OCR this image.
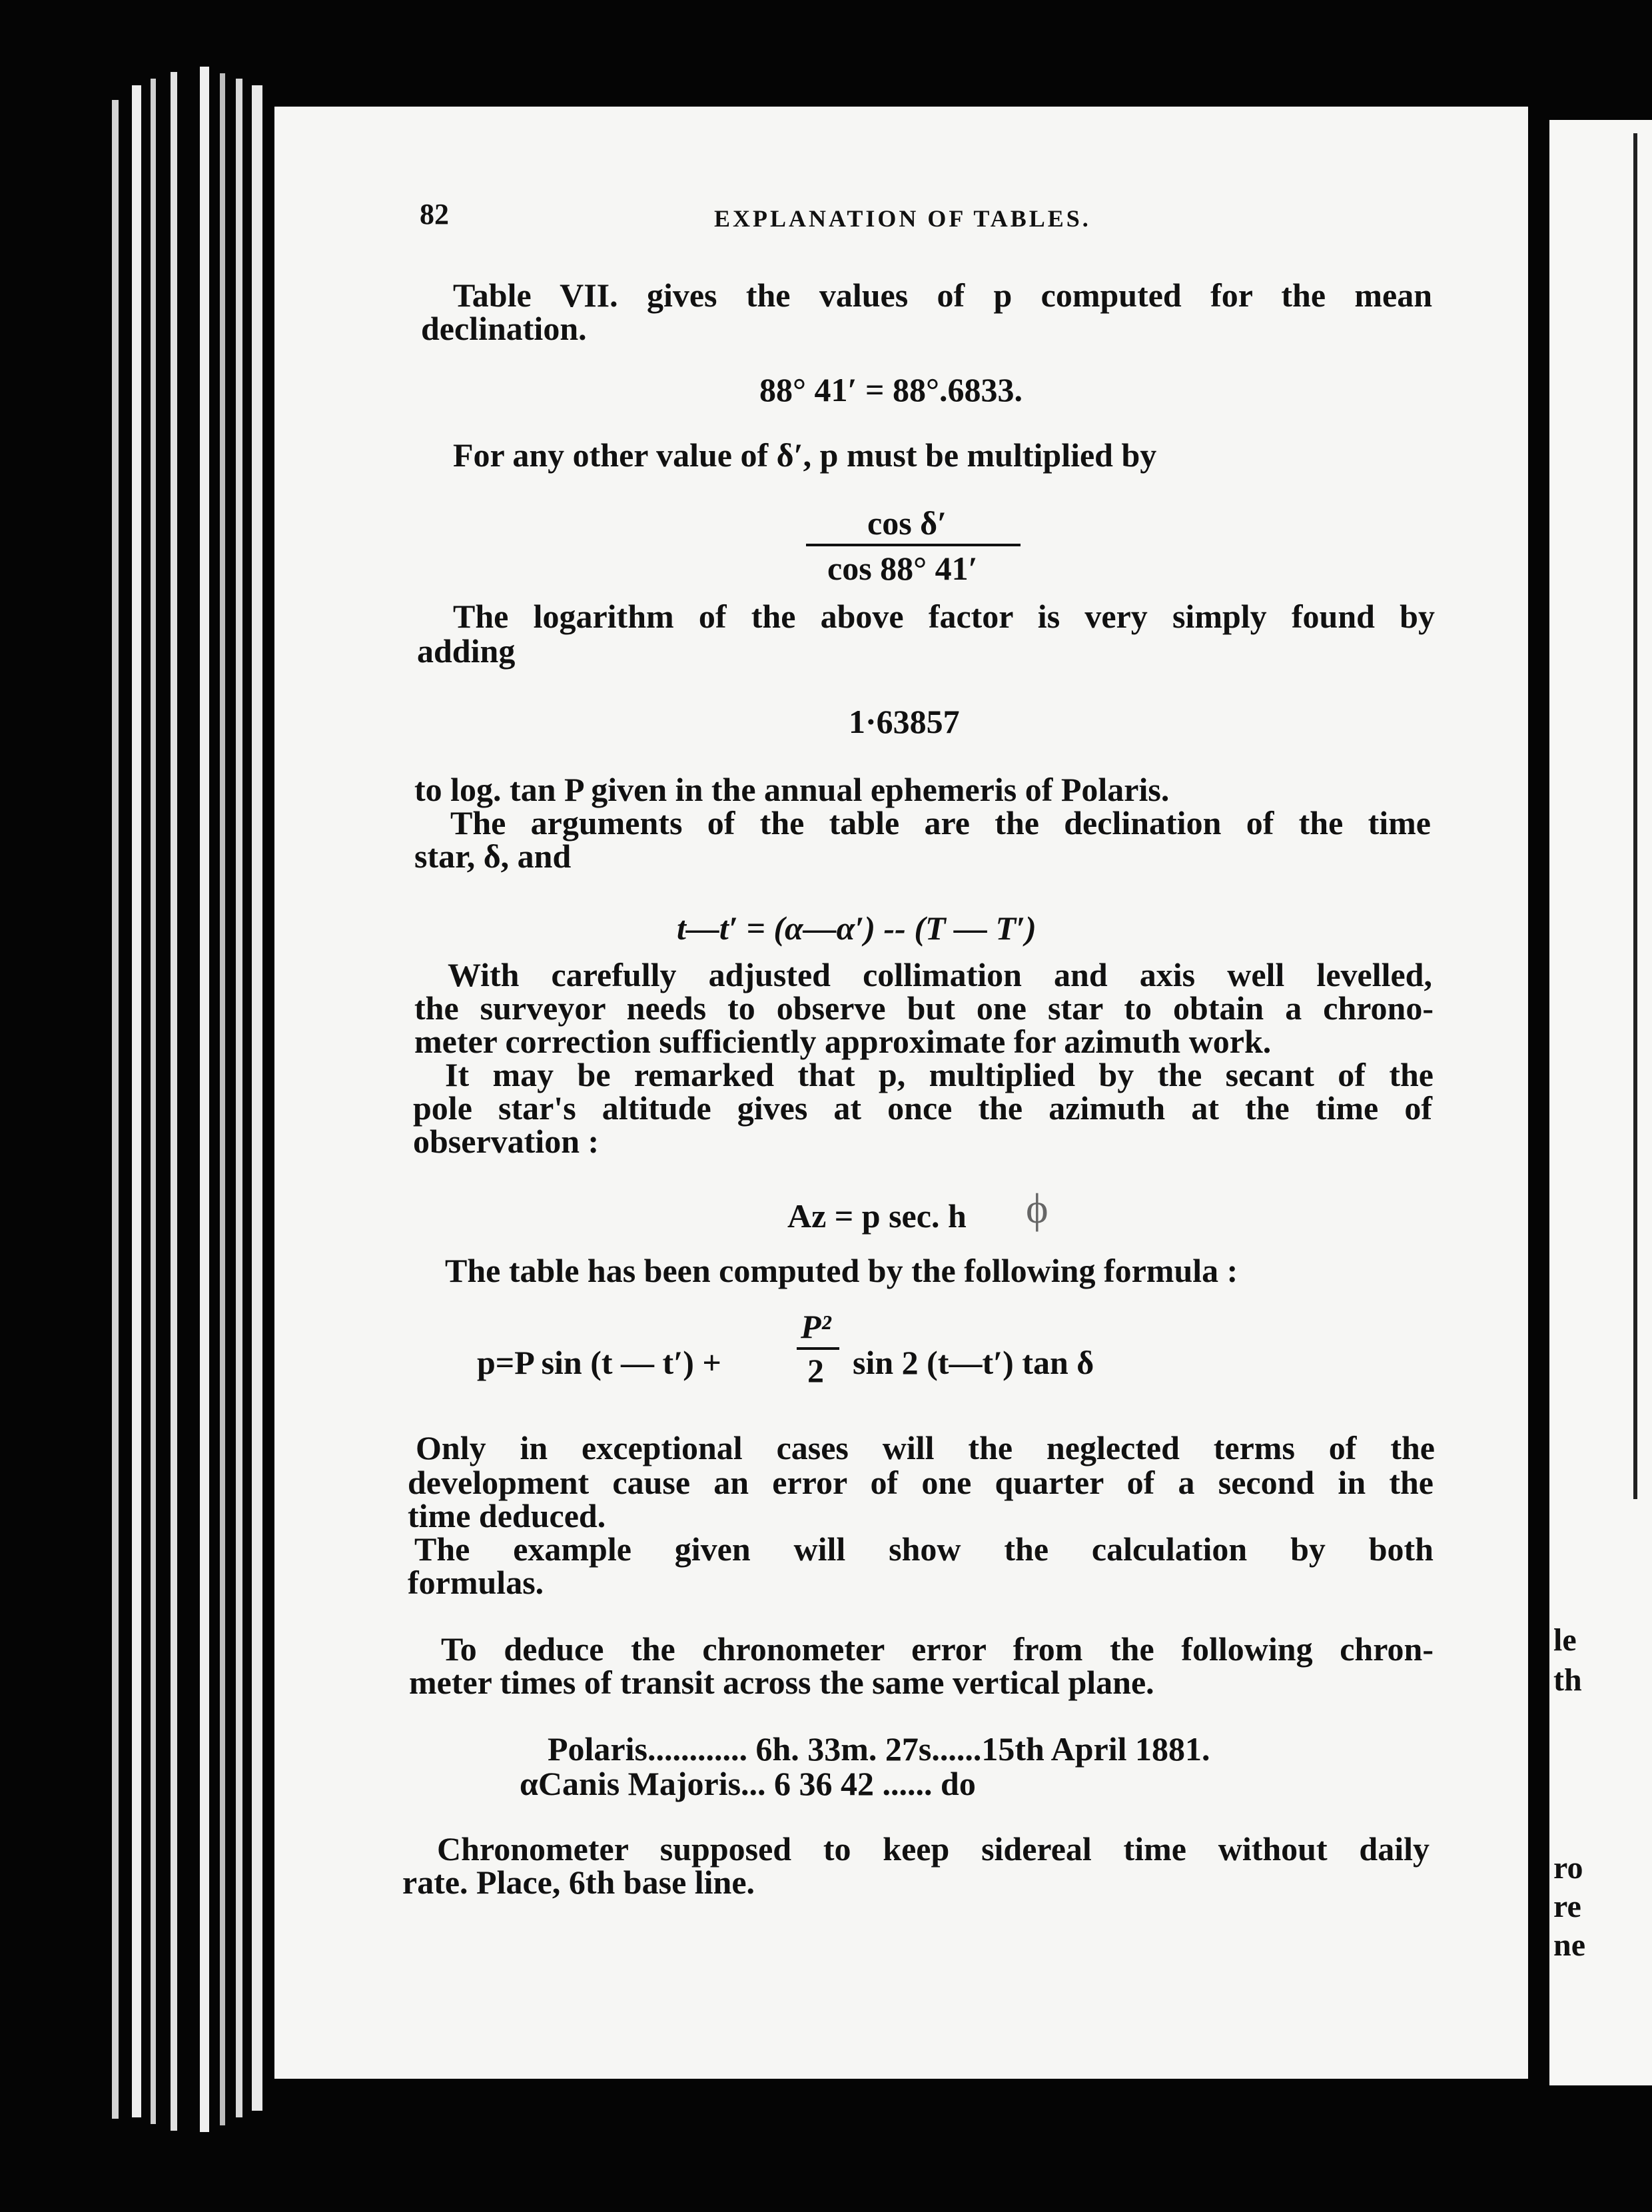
le
th
ro
re
ne
82	EXPLANATION OF TABLES.
Table VII. gives the values of p computed for the mean
declination.
88° 41′ = 88°.6833.
For any other value of δ′, p must be multiplied by
cos δ′
cos 88° 41′
The logarithm of the above factor is very simply found by
adding
1·63857
to log. tan P given in the annual ephemeris of Polaris.
The arguments of the table are the declination of the time
star, δ, and
t—t′ = (α—α′) -- (T — T′)
With carefully adjusted collimation and axis well levelled,
the surveyor needs to observe but one star to obtain a chrono-
meter correction sufficiently approximate for azimuth work.
It may be remarked that p, multiplied by the secant of the
pole star's altitude gives at once the azimuth at the time of
observation :
Az = p sec. h ϕ
The table has been computed by the following formula :
p=P sin (t — t′) +
P²
2 sin 2 (t—t′) tan δ
Only in exceptional cases will the neglected terms of the
development cause an error of one quarter of a second in the
time deduced.
The example given will show the calculation by both
formulas.
To deduce the chronometer error from the following chron-
meter times of transit across the same vertical plane.
Polaris............ 6h. 33m. 27s......15th April 1881.
αCanis Majoris... 6 36 42 ...... do
Chronometer supposed to keep sidereal time without daily
rate. Place, 6th base line.
